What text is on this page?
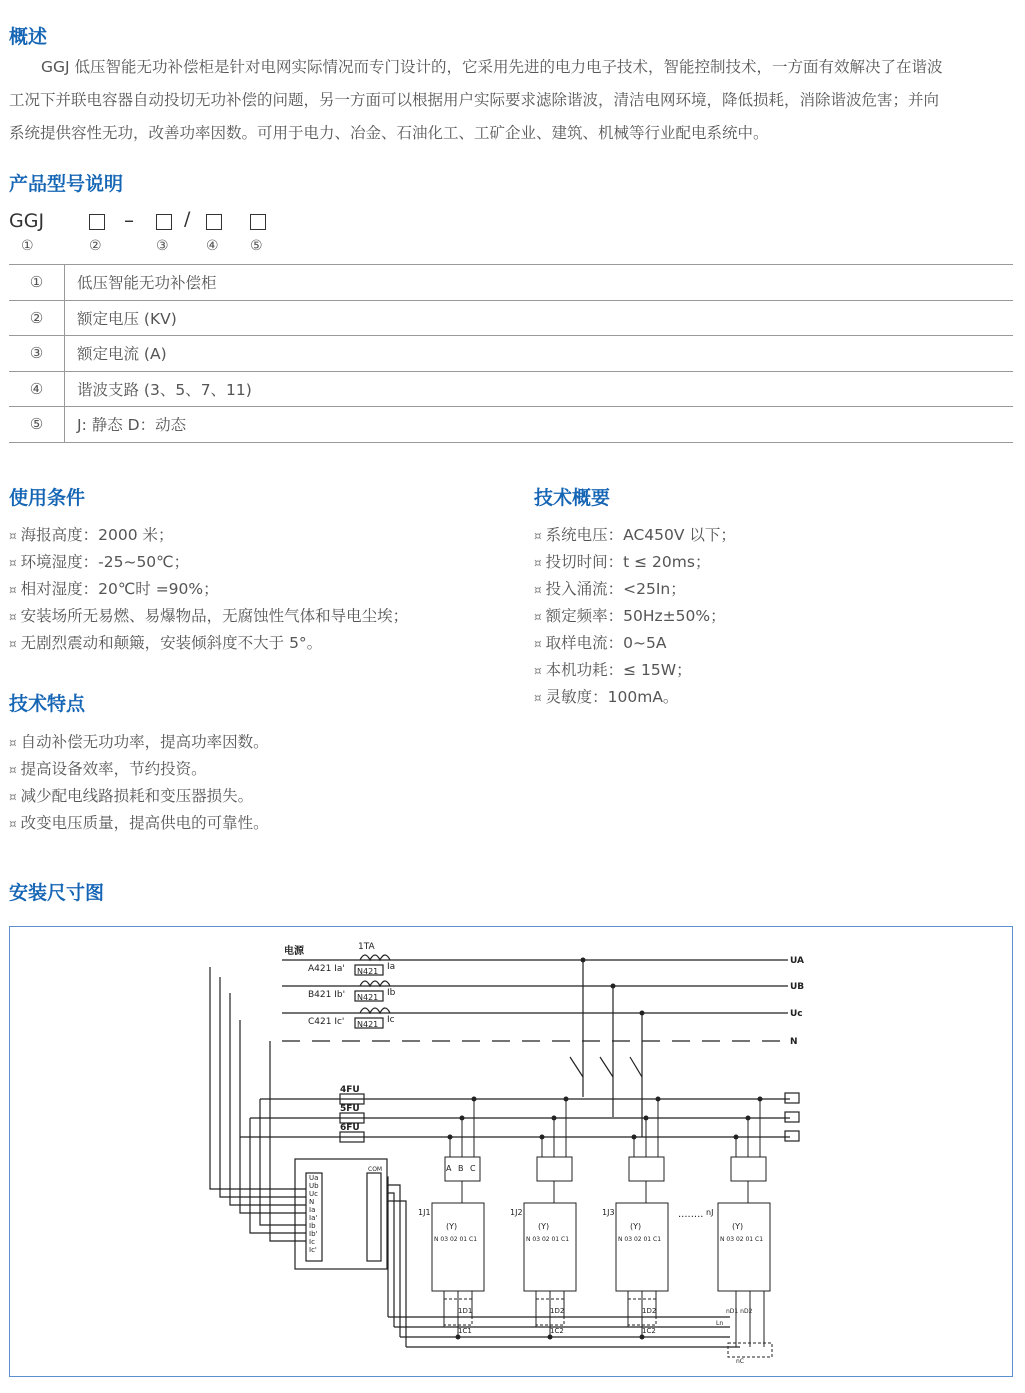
概述

GGJ 低压智能无功补偿柜是针对电网实际情况而专门设计的，它采用先进的电力电子技术，智能控制技术，一方面有效解决了在谐波

工况下并联电容器自动投切无功补偿的问题，另一方面可以根据用户实际要求滤除谐波，清洁电网环境，降低损耗，消除谐波危害；并向

系统提供容性无功，改善功率因数。可用于电力、冶金、石油化工、工矿企业、建筑、机械等行业配电系统中。

产品型号说明
GGJ	–	/
①	②	③	④ ⑤
①	低压智能无功补偿柜
②	额定电压 (KV)
③	额定电流 (A)
④	谐波支路 (3、5、7、11)
⑤	J: 静态 D：动态
使用条件
¤ 海报高度：2000 米；
¤ 环境湿度：-25~50℃；
¤ 相对湿度：20℃时 =90%；
¤ 安装场所无易燃、易爆物品，无腐蚀性气体和导电尘埃；
¤ 无剧烈震动和颠簸，安装倾斜度不大于 5°。
技术概要
¤ 系统电压：AC450V 以下；
¤ 投切时间：t ≤ 20ms；
¤ 投入涌流：<25In；
¤ 额定频率：50Hz±50%；
¤ 取样电流：0~5A
¤ 本机功耗：≤ 15W；
¤ 灵敏度：100mA。
技术特点
¤ 自动补偿无功功率，提高功率因数。
¤ 提高设备效率，节约投资。
¤ 减少配电线路损耗和变压器损失。
¤ 改变电压质量，提高供电的可靠性。
安装尺寸图
电源	1TA
A421 Ia'
B421 Ib'
C421 Ic'
N421
N421
N421
Ia
Ib
Ic
UA
UB
Uc
N
4FU
5FU
6FU
COM
Ua
Ub
Uc
N
Ia
Ia'
Ib
Ib'
Ic
Ic'
1J1	1J2	1J3	........ nJ
A B C
(Y)	(Y)	(Y)	(Y)
N 03 02 01 C1	N 03 02 01 C1	N 03 02 01 C1	N 03 02 01 C1
1D1	1D2	1D2	nD1 nD2
1C1	1C2	1C2
Ln
nC
